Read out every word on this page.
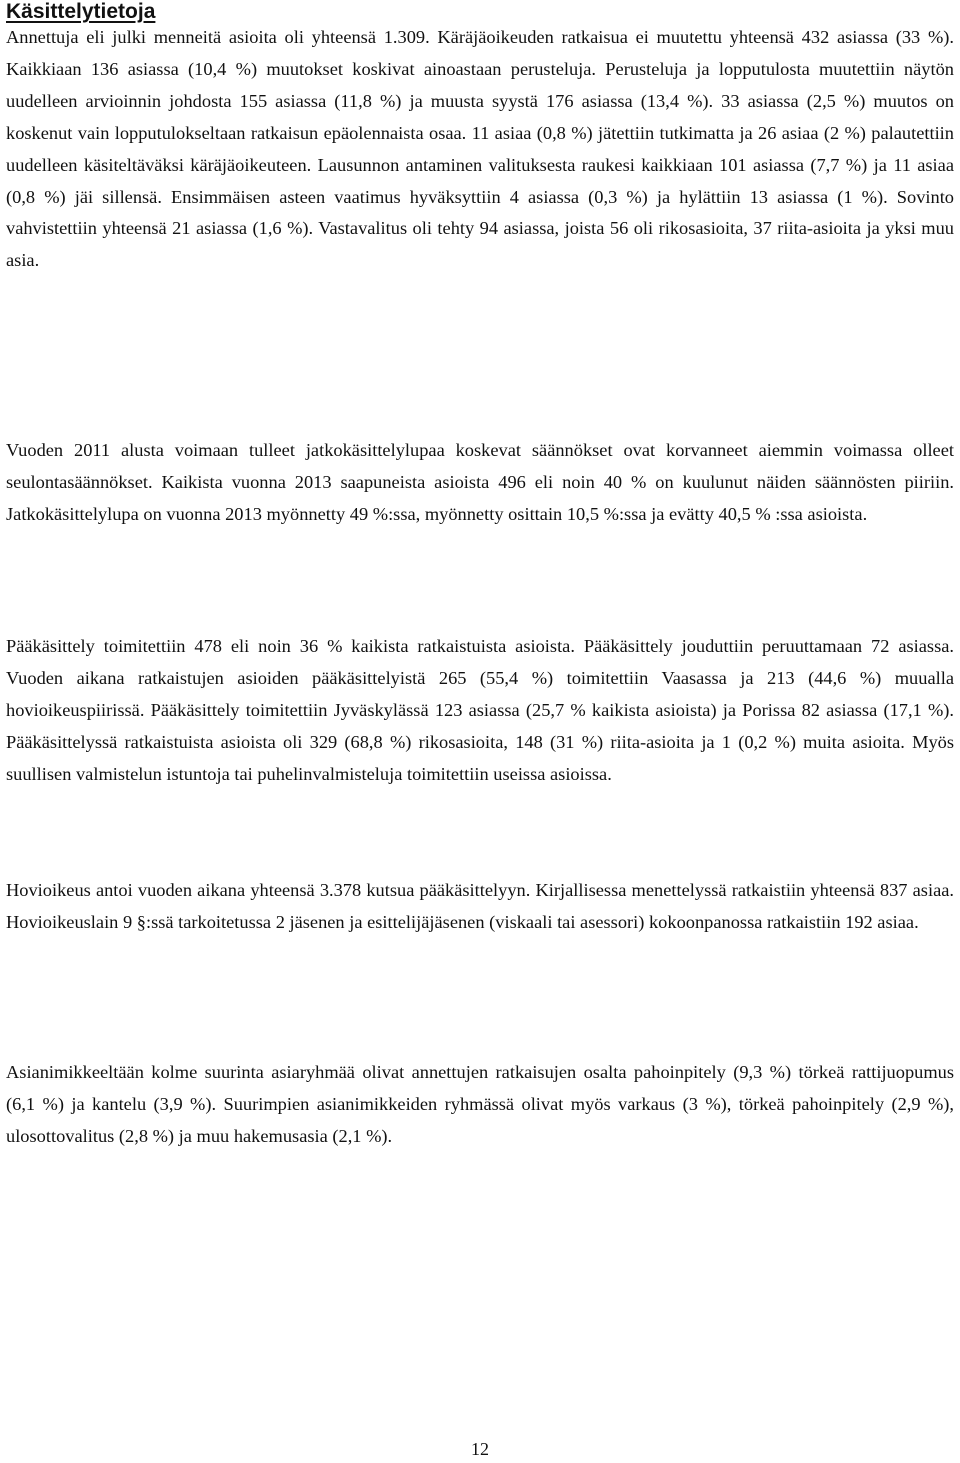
Käsittelytietoja

Annettuja eli julki menneitä asioita oli yhteensä 1.309. Käräjäoikeuden ratkaisua ei muutettu yhteensä 432 asiassa (33 %). Kaikkiaan 136 asiassa (10,4 %) muutokset koskivat ainoastaan perusteluja. Perusteluja ja lopputulosta muutettiin näytön uudelleen arvioinnin johdosta 155 asiassa (11,8 %) ja muusta syystä 176 asiassa (13,4 %). 33 asiassa (2,5 %) muutos on koskenut vain lopputulokseltaan ratkaisun epäolennaista osaa. 11 asiaa (0,8 %) jätettiin tutkimatta ja 26 asiaa (2 %) palautettiin uudelleen käsiteltäväksi käräjäoikeuteen. Lausunnon antaminen valituksesta raukesi kaikkiaan 101 asiassa (7,7 %) ja 11 asiaa (0,8 %) jäi sillensä. Ensimmäisen asteen vaatimus hyväksyttiin 4 asiassa (0,3 %) ja hylättiin 13 asiassa (1 %). Sovinto vahvistettiin yhteensä 21 asiassa (1,6 %). Vastavalitus oli tehty 94 asiassa, joista 56 oli rikosasioita, 37 riita-asioita ja yksi muu asia.

Vuoden 2011 alusta voimaan tulleet jatkokäsittelylupaa koskevat säännökset ovat korvanneet aiemmin voimassa olleet seulontasäännökset. Kaikista vuonna 2013 saapuneista asioista 496 eli noin 40 % on kuulunut näiden säännösten piiriin. Jatkokäsittelylupa on vuonna 2013 myönnetty 49 %:ssa, myönnetty osittain 10,5 %:ssa ja evätty 40,5 % :ssa asioista.

Pääkäsittely toimitettiin 478 eli noin 36 % kaikista ratkaistuista asioista. Pääkäsittely jouduttiin peruuttamaan 72 asiassa. Vuoden aikana ratkaistujen asioiden pääkäsittelyistä 265 (55,4 %) toimitettiin Vaasassa ja 213 (44,6 %) muualla hovioikeuspiirissä. Pääkäsittely toimitettiin Jyväskylässä 123 asiassa (25,7 % kaikista asioista) ja Porissa 82 asiassa (17,1 %). Pääkäsittelyssä ratkaistuista asioista oli 329 (68,8 %) rikosasioita, 148 (31 %) riita-asioita ja 1 (0,2 %) muita asioita. Myös suullisen valmistelun istuntoja tai puhelinvalmisteluja toimitettiin useissa asioissa.

Hovioikeus antoi vuoden aikana yhteensä 3.378 kutsua pääkäsittelyyn. Kirjallisessa menettelyssä ratkaistiin yhteensä 837 asiaa. Hovioikeuslain 9 §:ssä tarkoitetussa 2 jäsenen ja esittelijäjäsenen (viskaali tai asessori) kokoonpanossa ratkaistiin 192 asiaa.

Asianimikkeeltään kolme suurinta asiaryhmää olivat annettujen ratkaisujen osalta pahoinpitely (9,3 %) törkeä rattijuopumus (6,1 %) ja kantelu (3,9 %). Suurimpien asianimikkeiden ryhmässä olivat myös varkaus (3 %), törkeä pahoinpitely (2,9 %), ulosottovalitus (2,8 %) ja muu hakemusasia (2,1 %).

12
